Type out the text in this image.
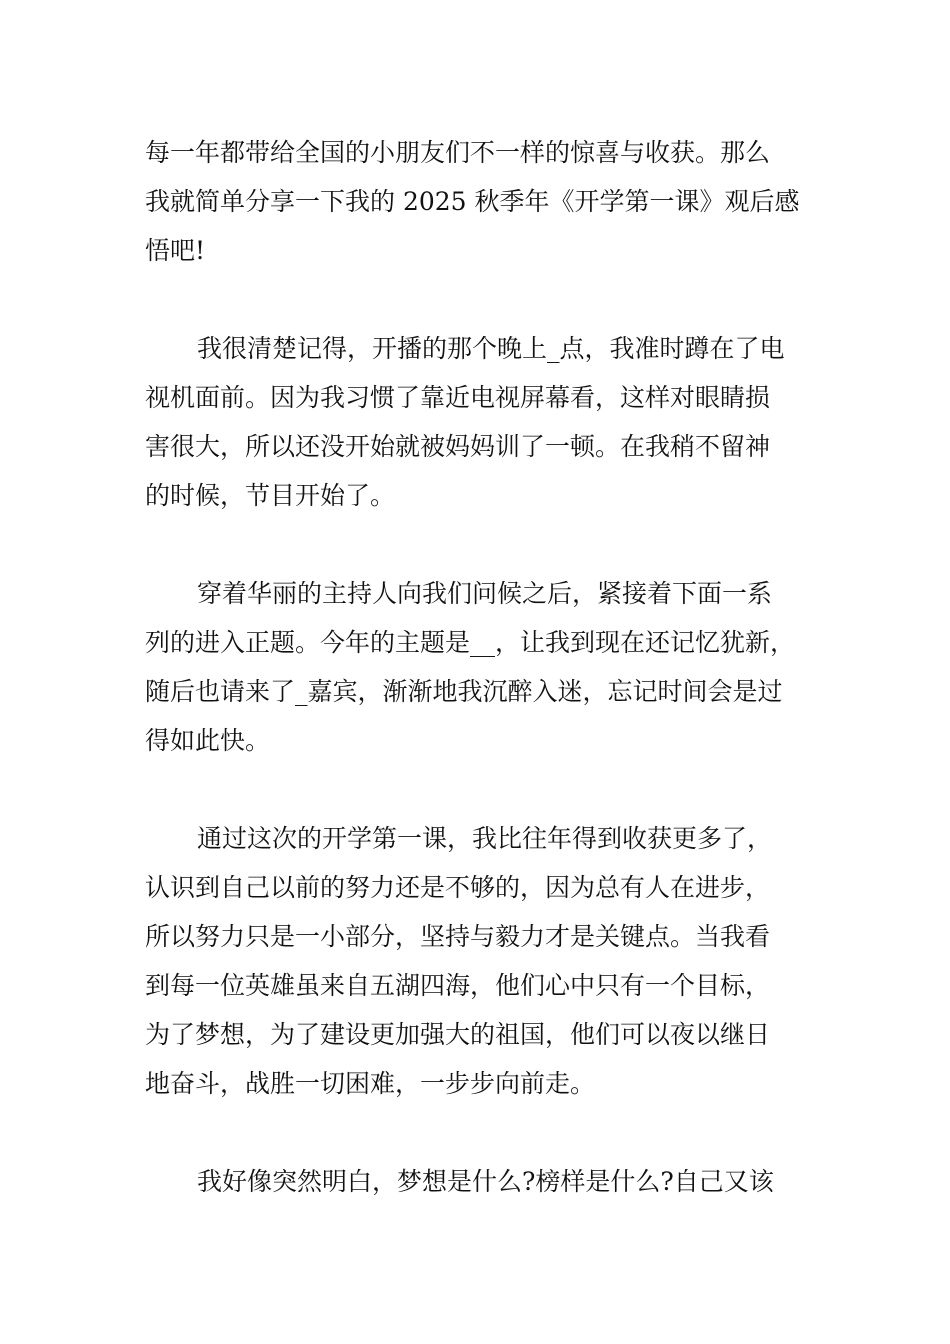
每一年都带给全国的小朋友们不一样的惊喜与收获。那么
我就简单分享一下我的 2025 秋季年《开学第一课》观后感
悟吧!
我很清楚记得，开播的那个晚上_点，我准时蹲在了电
视机面前。因为我习惯了靠近电视屏幕看，这样对眼睛损
害很大，所以还没开始就被妈妈训了一顿。在我稍不留神
的时候，节目开始了。
穿着华丽的主持人向我们问候之后，紧接着下面一系
列的进入正题。今年的主题是__，让我到现在还记忆犹新，
随后也请来了_嘉宾，渐渐地我沉醉入迷，忘记时间会是过
得如此快。
通过这次的开学第一课，我比往年得到收获更多了，
认识到自己以前的努力还是不够的，因为总有人在进步，
所以努力只是一小部分，坚持与毅力才是关键点。当我看
到每一位英雄虽来自五湖四海，他们心中只有一个目标，
为了梦想，为了建设更加强大的祖国，他们可以夜以继日
地奋斗，战胜一切困难，一步步向前走。
我好像突然明白，梦想是什么?榜样是什么?自己又该
